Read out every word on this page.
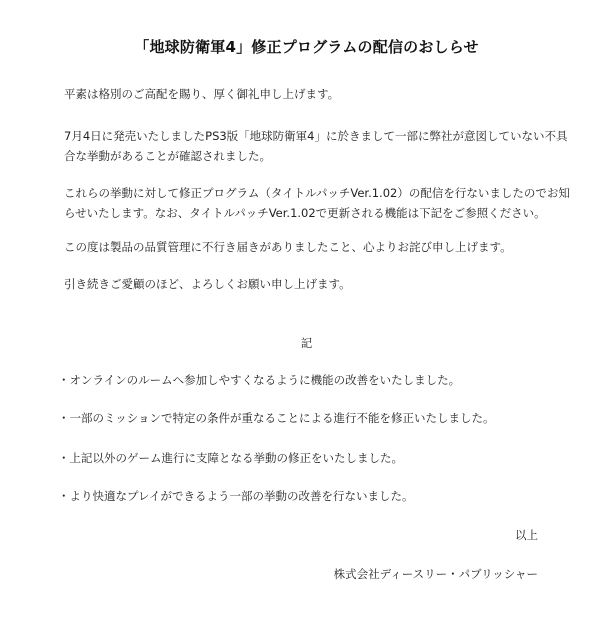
「地球防衛軍4」修正プログラムの配信のおしらせ
平素は格別のご高配を賜り、厚く御礼申し上げます。
7月4日に発売いたしましたPS3版「地球防衛軍4」に於きまして一部に弊社が意図していない不具合な挙動があることが確認されました。
これらの挙動に対して修正プログラム（タイトルパッチVer.1.02）の配信を行ないましたのでお知らせいたします。なお、タイトルパッチVer.1.02で更新される機能は下記をご参照ください。
この度は製品の品質管理に不行き届きがありましたこと、心よりお詫び申し上げます。
引き続きご愛顧のほど、よろしくお願い申し上げます。
記
・オンラインのルームへ参加しやすくなるように機能の改善をいたしました。
・一部のミッションで特定の条件が重なることによる進行不能を修正いたしました。
・上記以外のゲーム進行に支障となる挙動の修正をいたしました。
・より快適なプレイができるよう一部の挙動の改善を行ないました。
以上
株式会社ディースリー・パブリッシャー
